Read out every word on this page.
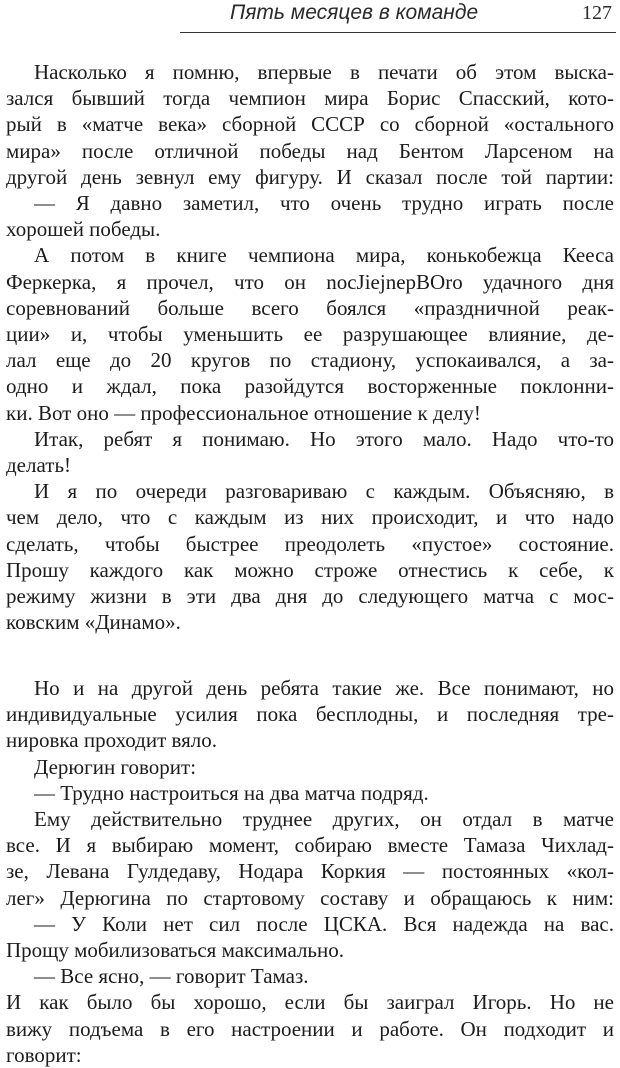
Пять месяцев в команде	127
Насколько я помню, впервые в печати об этом выска-
зался бывший тогда чемпион мира Борис Спасский, кото-
рый в «матче века» сборной СССР со сборной «остального
мира» после отличной победы над Бентом Ларсеном на
другой день зевнул ему фигуру. И сказал после той партии:
— Я давно заметил, что очень трудно играть после
хорошей победы.
А потом в книге чемпиона мира, конькобежца Кееса
Феркерка, я прочел, что он nocJiejnepBOro удачного дня
соревнований больше всего боялся «праздничной реак-
ции» и, чтобы уменьшить ее разрушающее влияние, де-
лал еще до 20 кругов по стадиону, успокаивался, а за-
одно и ждал, пока разойдутся восторженные поклонни-
ки. Вот оно — профессиональное отношение к делу!
Итак, ребят я понимаю. Но этого мало. Надо что-то
делать!
И я по очереди разговариваю с каждым. Объясняю, в
чем дело, что с каждым из них происходит, и что надо
сделать, чтобы быстрее преодолеть «пустое» состояние.
Прошу каждого как можно строже отнестись к себе, к
режиму жизни в эти два дня до следующего матча с мос-
ковским «Динамо».
Но и на другой день ребята такие же. Все понимают, но
индивидуальные усилия пока бесплодны, и последняя тре-
нировка проходит вяло.
Дерюгин говорит:
— Трудно настроиться на два матча подряд.
Ему действительно труднее других, он отдал в матче
все. И я выбираю момент, собираю вместе Тамаза Чихлад-
зе, Левана Гулдедаву, Нодара Коркия — постоянных «кол-
лег» Дерюгина по стартовому составу и обращаюсь к ним:
— У Коли нет сил после ЦСКА. Вся надежда на вас.
Прощу мобилизоваться максимально.
— Все ясно, — говорит Тамаз.
И как было бы хорошо, если бы заиграл Игорь. Но не
вижу подъема в его настроении и работе. Он подходит и
говорит:
